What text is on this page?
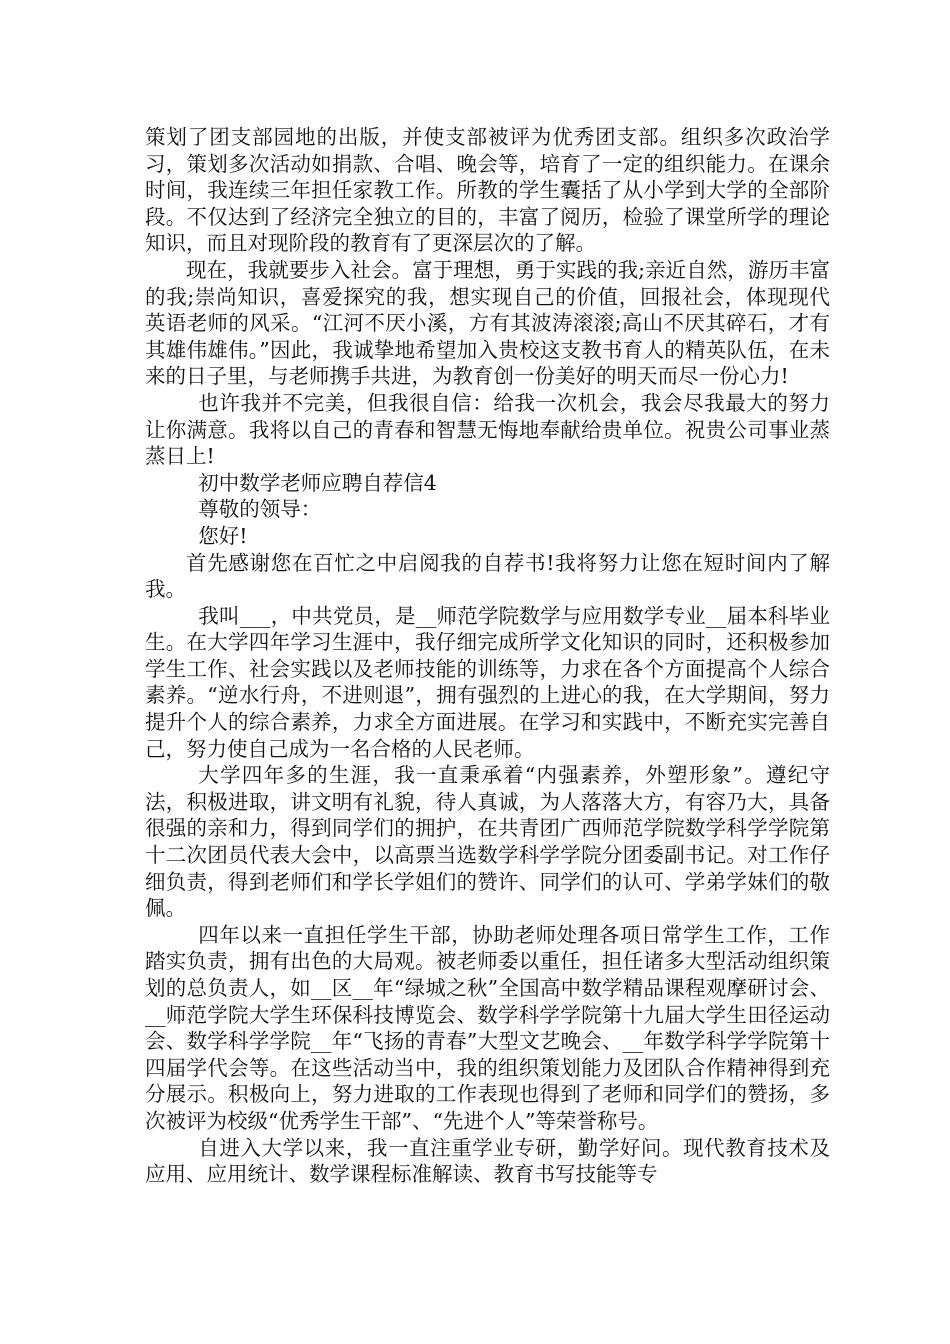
策划了团支部园地的出版，并使支部被评为优秀团支部。组织多次政治学习，策划多次活动如捐款、合唱、晚会等，培育了一定的组织能力。在课余时间，我连续三年担任家教工作。所教的学生囊括了从小学到大学的全部阶段。不仅达到了经济完全独立的目的，丰富了阅历，检验了课堂所学的理论知识，而且对现阶段的教育有了更深层次的了解。

现在，我就要步入社会。富于理想，勇于实践的我;亲近自然，游历丰富的我;崇尚知识，喜爱探究的我，想实现自己的价值，回报社会，体现现代 英语老师的风采。“江河不厌小溪，方有其波涛滚滚;高山不厌其碎石，才有其雄伟雄伟。”因此，我诚挚地希望加入贵校这支教书育人的精英队伍，在未来的日子里，与老师携手共进，为教育创一份美好的明天而尽一份心力!

也许我并不完美，但我很自信：给我一次机会，我会尽我最大的努力让你满意。我将以自己的青春和智慧无悔地奉献给贵单位。祝贵公司事业蒸蒸日上!

初中数学老师应聘自荐信4

尊敬的领导：

您好!

首先感谢您在百忙之中启阅我的自荐书!我将努力让您在短时间内了解我。

我叫___，中共党员，是__师范学院数学与应用数学专业__届本科毕业生。在大学四年学习生涯中，我仔细完成所学文化知识的同时，还积极参加学生工作、社会实践以及老师技能的训练等，力求在各个方面提高个人综合素养。“逆水行舟，不进则退”，拥有强烈的上进心的我，在大学期间，努力提升个人的综合素养，力求全方面进展。在学习和实践中，不断充实完善自己，努力使自己成为一名合格的人民老师。

大学四年多的生涯，我一直秉承着“内强素养，外塑形象”。遵纪守法，积极进取，讲文明有礼貌，待人真诚，为人落落大方，有容乃大，具备很强的亲和力，得到同学们的拥护，在共青团广西师范学院数学科学学院第十二次团员代表大会中，以高票当选数学科学学院分团委副书记。对工作仔细负责，得到老师们和学长学姐们的赞许、同学们的认可、学弟学妹们的敬佩。

四年以来一直担任学生干部，协助老师处理各项日常学生工作，工作踏实负责，拥有出色的大局观。被老师委以重任，担任诸多大型活动组织策划的总负责人，如__区__年“绿城之秋”全国高中数学精品课程观摩研讨会、__师范学院大学生环保科技博览会、数学科学学院第十九届大学生田径运动会、数学科学学院__年“飞扬的青春”大型文艺晚会、__年数学科学学院第十四届学代会等。在这些活动当中，我的组织策划能力及团队合作精神得到充分展示。积极向上，努力进取的工作表现也得到了老师和同学们的赞扬，多次被评为校级“优秀学生干部”、“先进个人”等荣誉称号。

自进入大学以来，我一直注重学业专研，勤学好问。现代教育技术及应用、应用统计、数学课程标准解读、教育书写技能等专
